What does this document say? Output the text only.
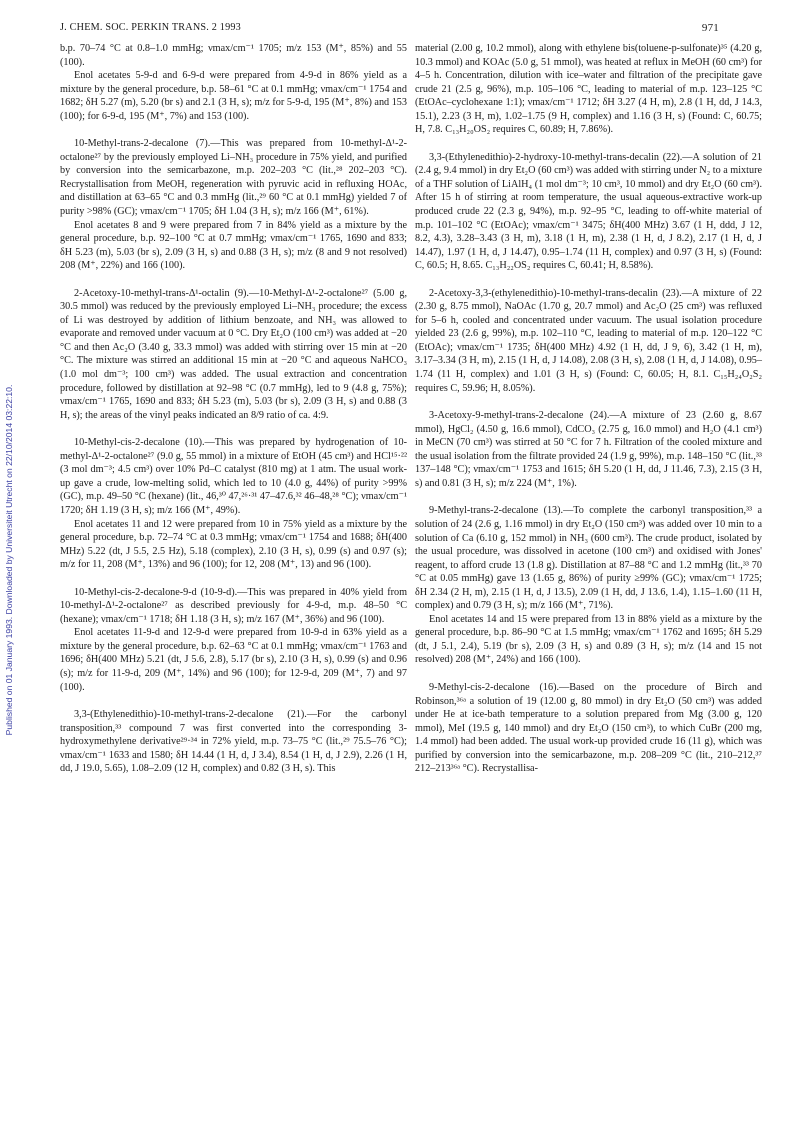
J. CHEM. SOC. PERKIN TRANS. 2 1993	971
Published on 01 January 1993. Downloaded by Universiteit Utrecht on 22/10/2014 03:22:10.

b.p. 70–74 °C at 0.8–1.0 mmHg; νmax/cm⁻¹ 1705; m/z 153 (M⁺, 85%) and 55 (100).

Enol acetates 5-9-d and 6-9-d were prepared from 4-9-d in 86% yield as a mixture by the general procedure, b.p. 58–61 °C at 0.1 mmHg; νmax/cm⁻¹ 1754 and 1682; δH 5.27 (m), 5.20 (br s) and 2.1 (3 H, s); m/z for 5-9-d, 195 (M⁺, 8%) and 153 (100); for 6-9-d, 195 (M⁺, 7%) and 153 (100).

10-Methyl-trans-2-decalone (7).—This was prepared from 10-methyl-Δ¹-2-octalone²⁷ by the previously employed Li–NH₃ procedure in 75% yield, and purified by conversion into the semicarbazone, m.p. 202–203 °C (lit.,²⁸ 202–203 °C). Recrystallisation from MeOH, regeneration with pyruvic acid in refluxing HOAc, and distillation at 63–65 °C and 0.3 mmHg (lit.,²⁹ 60 °C at 0.1 mmHg) yielded 7 of purity >98% (GC); νmax/cm⁻¹ 1705; δH 1.04 (3 H, s); m/z 166 (M⁺, 61%).

Enol acetates 8 and 9 were prepared from 7 in 84% yield as a mixture by the general procedure, b.p. 92–100 °C at 0.7 mmHg; νmax/cm⁻¹ 1765, 1690 and 833; δH 5.23 (m), 5.03 (br s), 2.09 (3 H, s) and 0.88 (3 H, s); m/z (8 and 9 not resolved) 208 (M⁺, 22%) and 166 (100).

2-Acetoxy-10-methyl-trans-Δ¹-octalin (9).—10-Methyl-Δ¹-2-octalone²⁷ (5.00 g, 30.5 mmol) was reduced by the previously employed Li–NH₃ procedure; the excess of Li was destroyed by addition of lithium benzoate, and NH₃ was allowed to evaporate and removed under vacuum at 0 °C. Dry Et₂O (100 cm³) was added at −20 °C and then Ac₂O (3.40 g, 33.3 mmol) was added with stirring over 15 min at −20 °C. The mixture was stirred an additional 15 min at −20 °C and aqueous NaHCO₃ (1.0 mol dm⁻³; 100 cm³) was added. The usual extraction and concentration procedure, followed by distillation at 92–98 °C (0.7 mmHg), led to 9 (4.8 g, 75%); νmax/cm⁻¹ 1765, 1690 and 833; δH 5.23 (m), 5.03 (br s), 2.09 (3 H, s) and 0.88 (3 H, s); the areas of the vinyl peaks indicated an 8/9 ratio of ca. 4:9.

10-Methyl-cis-2-decalone (10).—This was prepared by hydrogenation of 10-methyl-Δ¹-2-octalone²⁷ (9.0 g, 55 mmol) in a mixture of EtOH (45 cm³) and HCl¹⁵·²² (3 mol dm⁻³; 4.5 cm³) over 10% Pd–C catalyst (810 mg) at 1 atm. The usual work-up gave a crude, low-melting solid, which led to 10 (4.0 g, 44%) of purity >99% (GC), m.p. 49–50 °C (hexane) (lit., 46,³⁰ 47,²⁶·³¹ 47–47.6,³² 46–48,²⁸ °C); νmax/cm⁻¹ 1720; δH 1.19 (3 H, s); m/z 166 (M⁺, 49%).

Enol acetates 11 and 12 were prepared from 10 in 75% yield as a mixture by the general procedure, b.p. 72–74 °C at 0.3 mmHg; νmax/cm⁻¹ 1754 and 1688; δH(400 MHz) 5.22 (dt, J 5.5, 2.5 Hz), 5.18 (complex), 2.10 (3 H, s), 0.99 (s) and 0.97 (s); m/z for 11, 208 (M⁺, 13%) and 96 (100); for 12, 208 (M⁺, 13) and 96 (100).

10-Methyl-cis-2-decalone-9-d (10-9-d).—This was prepared in 40% yield from 10-methyl-Δ¹-2-octalone²⁷ as described previously for 4-9-d, m.p. 48–50 °C (hexane); νmax/cm⁻¹ 1718; δH 1.18 (3 H, s); m/z 167 (M⁺, 36%) and 96 (100).

Enol acetates 11-9-d and 12-9-d were prepared from 10-9-d in 63% yield as a mixture by the general procedure, b.p. 62–63 °C at 0.1 mmHg; νmax/cm⁻¹ 1763 and 1696; δH(400 MHz) 5.21 (dt, J 5.6, 2.8), 5.17 (br s), 2.10 (3 H, s), 0.99 (s) and 0.96 (s); m/z for 11-9-d, 209 (M⁺, 14%) and 96 (100); for 12-9-d, 209 (M⁺, 7) and 97 (100).

3,3-(Ethylenedithio)-10-methyl-trans-2-decalone (21).—For the carbonyl transposition,³³ compound 7 was first converted into the corresponding 3-hydroxymethylene derivative²⁹·³⁴ in 72% yield, m.p. 73–75 °C (lit.,²⁹ 75.5–76 °C); νmax/cm⁻¹ 1633 and 1580; δH 14.44 (1 H, d, J 3.4), 8.54 (1 H, d, J 2.9), 2.26 (1 H, dd, J 19.0, 5.65), 1.08–2.09 (12 H, complex) and 0.82 (3 H, s). This

material (2.00 g, 10.2 mmol), along with ethylene bis(toluene-p-sulfonate)³⁵ (4.20 g, 10.3 mmol) and KOAc (5.0 g, 51 mmol), was heated at reflux in MeOH (60 cm³) for 4–5 h. Concentration, dilution with ice–water and filtration of the precipitate gave crude 21 (2.5 g, 96%), m.p. 105–106 °C, leading to material of m.p. 123–125 °C (EtOAc–cyclohexane 1:1); νmax/cm⁻¹ 1712; δH 3.27 (4 H, m), 2.8 (1 H, dd, J 14.3, 15.1), 2.23 (3 H, m), 1.02–1.75 (9 H, complex) and 1.16 (3 H, s) (Found: C, 60.75; H, 7.8. C₁₃H₂₀OS₂ requires C, 60.89; H, 7.86%).

3,3-(Ethylenedithio)-2-hydroxy-10-methyl-trans-decalin (22).—A solution of 21 (2.4 g, 9.4 mmol) in dry Et₂O (60 cm³) was added with stirring under N₂ to a mixture of a THF solution of LiAlH₄ (1 mol dm⁻³; 10 cm³, 10 mmol) and dry Et₂O (60 cm³). After 15 h of stirring at room temperature, the usual aqueous-extractive work-up produced crude 22 (2.3 g, 94%), m.p. 92–95 °C, leading to off-white material of m.p. 101–102 °C (EtOAc); νmax/cm⁻¹ 3475; δH(400 MHz) 3.67 (1 H, ddd, J 12, 8.2, 4.3), 3.28–3.43 (3 H, m), 3.18 (1 H, m), 2.38 (1 H, d, J 8.2), 2.17 (1 H, d, J 14.47), 1.97 (1 H, d, J 14.47), 0.95–1.74 (11 H, complex) and 0.97 (3 H, s) (Found: C, 60.5; H, 8.65. C₁₃H₂₂OS₂ requires C, 60.41; H, 8.58%).

2-Acetoxy-3,3-(ethylenedithio)-10-methyl-trans-decalin (23).—A mixture of 22 (2.30 g, 8.75 mmol), NaOAc (1.70 g, 20.7 mmol) and Ac₂O (25 cm³) was refluxed for 5–6 h, cooled and concentrated under vacuum. The usual isolation procedure yielded 23 (2.6 g, 99%), m.p. 102–110 °C, leading to material of m.p. 120–122 °C (EtOAc); νmax/cm⁻¹ 1735; δH(400 MHz) 4.92 (1 H, dd, J 9, 6), 3.42 (1 H, m), 3.17–3.34 (3 H, m), 2.15 (1 H, d, J 14.08), 2.08 (3 H, s), 2.08 (1 H, d, J 14.08), 0.95–1.74 (11 H, complex) and 1.01 (3 H, s) (Found: C, 60.05; H, 8.1. C₁₅H₂₄O₂S₂ requires C, 59.96; H, 8.05%).

3-Acetoxy-9-methyl-trans-2-decalone (24).—A mixture of 23 (2.60 g, 8.67 mmol), HgCl₂ (4.50 g, 16.6 mmol), CdCO₃ (2.75 g, 16.0 mmol) and H₂O (4.1 cm³) in MeCN (70 cm³) was stirred at 50 °C for 7 h. Filtration of the cooled mixture and the usual isolation from the filtrate provided 24 (1.9 g, 99%), m.p. 148–150 °C (lit.,³³ 137–148 °C); νmax/cm⁻¹ 1753 and 1615; δH 5.20 (1 H, dd, J 11.46, 7.3), 2.15 (3 H, s) and 0.81 (3 H, s); m/z 224 (M⁺, 1%).

9-Methyl-trans-2-decalone (13).—To complete the carbonyl transposition,³³ a solution of 24 (2.6 g, 1.16 mmol) in dry Et₂O (150 cm³) was added over 10 min to a solution of Ca (6.10 g, 152 mmol) in NH₃ (600 cm³). The crude product, isolated by the usual procedure, was dissolved in acetone (100 cm³) and oxidised with Jones' reagent, to afford crude 13 (1.8 g). Distillation at 87–88 °C and 1.2 mmHg (lit.,³³ 70 °C at 0.05 mmHg) gave 13 (1.65 g, 86%) of purity ≥99% (GC); νmax/cm⁻¹ 1725; δH 2.34 (2 H, m), 2.15 (1 H, d, J 13.5), 2.09 (1 H, dd, J 13.6, 1.4), 1.15–1.60 (11 H, complex) and 0.79 (3 H, s); m/z 166 (M⁺, 71%).

Enol acetates 14 and 15 were prepared from 13 in 88% yield as a mixture by the general procedure, b.p. 86–90 °C at 1.5 mmHg; νmax/cm⁻¹ 1762 and 1695; δH 5.29 (dt, J 5.1, 2.4), 5.19 (br s), 2.09 (3 H, s) and 0.89 (3 H, s); m/z (14 and 15 not resolved) 208 (M⁺, 24%) and 166 (100).

9-Methyl-cis-2-decalone (16).—Based on the procedure of Birch and Robinson,³⁶ᵃ a solution of 19 (12.00 g, 80 mmol) in dry Et₂O (50 cm³) was added under He at ice-bath temperature to a solution prepared from Mg (3.00 g, 120 mmol), MeI (19.5 g, 140 mmol) and dry Et₂O (150 cm³), to which CuBr (200 mg, 1.4 mmol) had been added. The usual work-up provided crude 16 (11 g), which was purified by conversion into the semicarbazone, m.p. 208–209 °C (lit., 210–212,³⁷ 212–213³⁶ᵃ °C). Recrystallisa-
